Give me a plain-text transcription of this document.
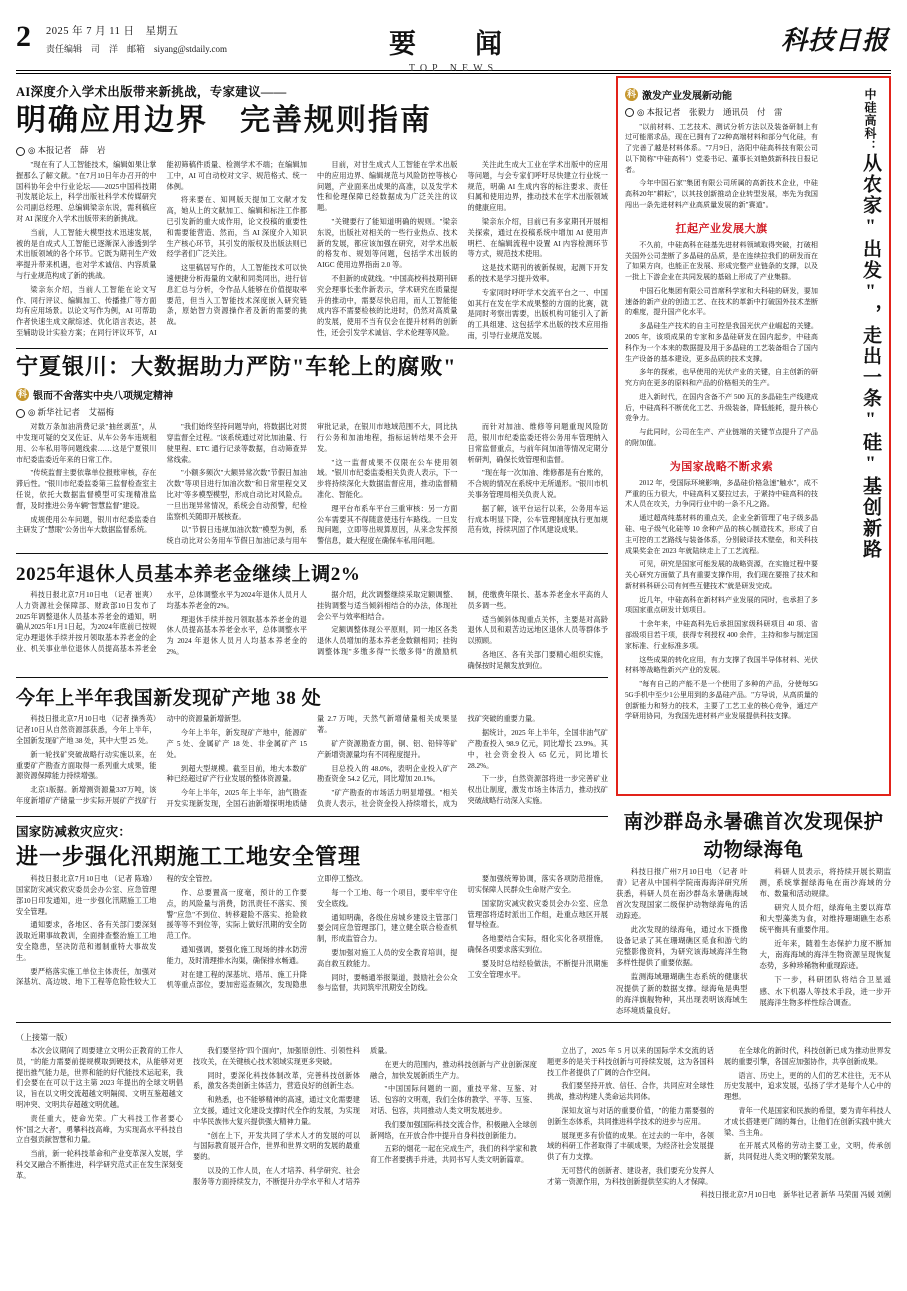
2 2025 年 7 月 11 日　星期五
责任编辑　司　洋　邮箱　siyang@stdaily.com	要　闻
TOP NEWS
科技日报
AI深度介入学术出版带来新挑战，专家建议——
明确应用边界　完善规则指南
◎ 本报记者　薛　岩

"现在有了人工智能技术，编辑如果让掌握那么了解文献。"在7月10日年办召开的中国科协年会中行业论坛——2025中国科技期刊发展论坛上，科学出版社科学术传媒研究公司副总经理、总编辑梁亲东说，需利稿应对 AI 深度介入学术出版带来的新挑战。

当前，人工智能大模型技术迅速发展，被的是自成式人工智能已逐渐深入渗透到学术出版领域的各个环节。它既为期刊生产效率提升带来机遇，也对学术诚信、内容质量与行业规范构成了新的挑战。

梁亲东介绍，当前人工智能在论文写作、同行评议、编辑加工、传播推广等方面均有应用场景。以论文写作为例，AI 可帮助作者快速生成文献综述、优化语言表达，甚至辅助设计实验方案；在同行评议环节，AI 能初筛稿件质量、检测学术不端；在编辑加工中，AI 可自动校对文字、规范格式、统一体例。

将来要在、知网版天提加工文献才发高，她从上的文献加工、编辑和标注工作都已引发新的重大成作用，论文投稿的重要性和需要能营造、然而，当 AI 深度介入知识生产核心环节，其引发的版权及出版法则已经学者们广泛关注。

这里稿居写作的，人工智能技术可以快速便捷分析海量的文献和同类同出，进行信息汇总与分析，令作品人能够在价值提取率要范，但当入工智能技术深度嵌入研究链条，原始智力资源操作者及新的需要的挑战。

目前，对甘生成式人工智能在学术出版中的应用边界、编辑规范与风险防控等核心问题，产业面来出成果的高准，以及发学术性和伦理保障已经数据成为广泛关注的议题。

"关键要行了能知道明确的规则。"梁亲东说，出版社对相关的一些行业热点、技术新的发展，都应该加强在研究，对学术出版的格发布、规划等问题，包括学术出版的 AIGC 使用边界指南 2.0 等。

不但新的成就线。"中国高校科技期刊研究会理事长张作新表示，学术研究在质量提升的推动中，需要尽快启用，而人工智能能成内容不需要检核的比进时，仍然对高质量的发展，使用不当有仅会在提升材料的创新性，还会引发学术诚信、学术伦理等风险。

关注此生成大工业在学术出版中的应用等问题，与会专家们呼吁尽快建立行业统一规范，明确 AI 生成内容的标注要求、责任归属和使用边界，推动技术在学术出版领域的健康应用。

梁亲东介绍，目前已有多家期刊开展相关探索，通过在投稿系统中增加 AI 使用声明栏、在编辑流程中设置 AI 内容检测环节等方式，规范技术使用。

这是技术期刊的被新保规，起测下开发系的技术是学习提升效率。

专家同时呼吁学术交流平台之一、中国如其行在发在学术成果整的方面的比赛，就是同时考察出需要，出版机构可能引入了新的工具组建、这包括学术出版的技术应用指南，引导行业规范发展。

宁夏银川：大数据助力严防"车轮上的腐败"
科 银而不舍落实中央八项规定精神
◎ 新华社记者　艾福梅

对数万条加油消费记录"抽丝剥茧"，从中发现可疑的交叉佐证、从车公务车违规租用、公车私用等问题线索……这是宁夏银川市纪委监委近年来的日常工作。

"传统监督主要依靠单位报账审核，存在滞后性。"银川市纪委监委第三监督检查室主任说，依托大数据监督模型可实现精准监督，及时推进公务车辆"智慧监督"建设。

成规使用公车问题，银川市纪委监委自主研发了"慧眼"公务出车大数据监督系统。

"我们始终坚持问题导向，将数据比对贯穿监督全过程。"该系统通过对比加油量、行驶里程、ETC 通行记录等数据，自动筛查异常线索。

"小额多频次"大额异常次数"节假日加油次数"等项目进行加油次数"和日常里程交叉比对"等多模型模型，形成自动比对风险点。一旦出现异常情况，系统会自动预警，纪检监察机关随即开展核查。

以"节假日违规加油次数"模型为例，系统自动比对公务用车节假日加油记录与用车审批记录，在银川市地域范围不大，同比执行公务和加油地程，指标运转结果不会开发。

"这一监督成果不仅限在公车使用领域。"银川市纪委监委相关负责人表示，下一步将持续深化大数据监督应用，推动监督精准化、智能化。

理平台布系车平台三重审核：另一方面公车需要其不得随意使违行车路线。一旦发现问题，立即等出规算原因，从来念发挥预警信息，最大程度在确保车私用问题。

而针对加油、维修等问题重现风险防范，银川市纪委监委还将公务用车管理纳入日常监督重点，与前年间加油等情况定期分析研判，确保长效管理和监督。

"现在每一次加油、维修都是有台账的，不合规的情况在系统中无所遁形。"银川市机关事务管理局相关负责人说。

据了解，该平台运行以来，公务用车运行成本明显下降，公车管理制度执行更加规范有效，持续巩固了作风建设成果。

2025年退休人员基本养老金继续上调2%

科技日报北京7月10日电 （记者 崔爽）人力资源社会保障部、财政部10日发布了2025年调整退休人员基本养老金的通知，明确从2025年1月1日起，为2024年底前已按规定办理退休手续并按月领取基本养老金的企业、机关事业单位退休人员提高基本养老金水平，总体调整水平为2024年退休人员月人均基本养老金的2%。

理退休手续并按月领取基本养老金的退休人员提高基本养老金水平，总体调整水平为 2024 年退休人员月人均基本养老金的 2%。

据介绍，此次调整继续采取定额调整、挂钩调整与适当倾斜相结合的办法，体现社会公平与效率相结合。

定额调整体现公平原则，同一地区各类退休人员增加的基本养老金数额相同；挂钩调整体现"多缴多得""长缴多得"的激励机制，使缴费年限长、基本养老金水平高的人员多调一些。

适当倾斜体现重点关怀，主要是对高龄退休人员和艰苦边远地区退休人员等群体予以照顾。

各地区、各有关部门要精心组织实施，确保按时足额发放到位。

今年上半年我国新发现矿产地 38 处

科技日报北京7月10日电 （记者 操秀英）记者10日从自然资源部获悉，今年上半年，全国新发现矿产地 38 处，其中大型 25 处。

新一轮找矿突破战略行动实施以来，在重要矿产勘查方面取得一系列重大成果，能源资源保障能力持续增强。

北京1版据。新增测资源量337万吨，该年度新增矿产储量一步实际开展矿产找矿行动中的资源量新增新型。

今年上半年，新发现矿产地中，能源矿产 5 处、金属矿产 18 处、非金属矿产 15 处。

到超大型规模。截至目前，地大本数矿种已经超过矿产行业发展的整体资源量。

今年上半年，2025 年上半年，油气勘查开发实现新发现，全国石油新增探明地质储量 2.7 万吨，天然气新增储量相关成果显著。

矿产资源勘查方面，铜、铝、铅锌等矿产新增资源量均有不同程度提升。

目总投入的 48.0%，表明企业投入矿产勘查资金 54.2 亿元，同比增加 20.1%。

"矿产勘查的市场活力明显增强。"相关负责人表示，社会资金投入持续增长，成为找矿突破的重要力量。

据统计，2025 年上半年，全国非油气矿产勘查投入 98.9 亿元，同比增长 23.9%。其中，社会资金投入 65 亿元，同比增长 28.2%。

下一步，自然资源部将进一步完善矿业权出让制度，激发市场主体活力，推动找矿突破战略行动深入实施。

国家防减救灾应灾：
进一步强化汛期施工工地安全管理

科技日报北京7月10日电 （记者 陈瑜）国家防灾减灾救灾委员会办公室、应急管理部10日印发通知，进一步强化汛期施工工地安全管理。

通知要求，各地区、各有关部门要深刻汲取近期事故教训，全面排查整治施工工地安全隐患，坚决防范和遏制重特大事故发生。

要严格落实施工单位主体责任，加强对深基坑、高边坡、地下工程等危险性较大工程的安全管控。

作、总要置高一度毫，预计的工作要点，的风险量与消费，防汛责任不落实、预警"应急"不到位、转移避险不落实、抢险救援等等不到位等，实际上做好汛期的安全防范工作。

通知强调，要强化施工现场的排水防涝能力，及时清理排水沟渠，确保排水畅通。

对在建工程的深基坑、塔吊、施工升降机等重点部位，要加密巡查频次，发现隐患立即停工整改。

每一个工地、每一个项目，要牢牢守住安全底线。

通知明确，各级住房城乡建设主管部门要会同应急管理部门，建立健全联合检查机制，形成监管合力。

要加强对施工人员的安全教育培训，提高自救互救能力。

同时，要畅通举报渠道，鼓励社会公众参与监督，共同筑牢汛期安全防线。

要加强统筹协调，落实各项防范措施，切实保障人民群众生命财产安全。

国家防灾减灾救灾委员会办公室、应急管理部将适时派出工作组，赴重点地区开展督导检查。

各地要结合实际，细化实化各项措施，确保各项要求落实到位。

要及时总结经验做法，不断提升汛期施工安全管理水平。

科 激发产业发展新动能
◎ 本报记者　张毅力　通讯员　付　雷

"以前材料、工艺技术、测试分析方法以及装备研制上有过可能需求品，现在已拥有了22种高端材料和部分气化硅，有了完善了越是材料体系。"7月9日，洛阳中硅高科技有限公司以下简称"中硅高科"）党委书记、董事长刘艳鼓新科技日报记者。

今年中国石家"集团有限公司所属的高新技术企业，中硅高科20年"耕耘"，以其技创新推动企业转型发展，率先为我国闯出一条先进材料产业高质量发展的新"赛道"。

扛起产业发展大旗

不久前，中硅高科在硅基先进材料领域取得突破，打破相关国外公司垄断了多晶硅的品质，是在连续拉我们的研发而在了如果方向，也能正在发展、形成完整产业链条的支撑，以及一批上下游企业在共同发展的基础上形成了产业集群。

中国石化集团有限公司首席科学家和大科硅的研发，要加速备的新产业的创造工艺、在技术的革新中打破国外技术垄断的难度，提升国产化水平。

多晶硅生产技术的自主可控是我国光伏产业崛起的关键。2005 年，该项成果的专家和多晶硅研发在国内起步，中硅高科作为一个本来的数据提及用于多晶硅的工艺装备组合了国内生产设备的基本建设，更多品质的技术支撑。

多年的探索，也早使用的光伏产业的关键，自主创新的研究方向在更多的原料和产品的价格相关的生产。

进入新时代，在国内含备不产 500 瓦的多晶硅生产线建成后，中硅高科不断优化工艺、升级装备，降低能耗，提升核心竞争力。

与此同时，公司在生产、产业链端的关键节点提升了产品的附加值。

为国家战略不断求索

2012 年，受国际环境影响，多晶硅价格急速"触水"，成不严重的压力很大，中硅高科又要拉过去，于紧持中硅高科的技术人员在攻关，力争同行业中的一条不凡之路。

通过超高纯基材料的重点关，企业全新管理了电子级多晶硅、电子级气化硅等 10 余种产品的核心制造技术，形成了自主可控的工艺路线与装备体系，分别破译技术壁垒，和关科技成果奖金在 2023 年就陆续走上了工艺流程。

可见，研究是国家可能发展的战略资源，在实施过程中要关心研究方面做了具有重要支撑作用，我们现在要推了技术和新材料科研公司有何些互健技术"就是研发完成。

近几年，中硅高科在新材料产业发展的同时，也承担了多项国家重点研发计划项目。

十余年来，中硅高科先后承担国家级科研项目 40 项、省部级项目若干项，获得专利授权 400 余件，主持和参与制定国家标准、行业标准多项。

这些成果的转化应用，有力支撑了我国半导体材料、光伏材料等战略性新兴产业的发展。

"每有自己的产能不是一个使用了多种的产品，分使每5G 5G手机中至少1公里用到的多晶硅产品。"方导说，从高质量的创新能力和努力的技术，主要了工艺工业的核心竞争，通过产学研用协同，为我国先进材料产业发展提供科技支撑。

中硅高科：从农家"出发"，走出一条"硅"基创新路
南沙群岛永暑礁首次发现保护动物绿海龟

科技日报广州7月10日电 （记者 叶青）记者从中国科学院南海海洋研究所获悉，科研人员在南沙群岛永暑礁海域首次发现国家二级保护动物绿海龟的活动踪迹。

此次发现的绿海龟，通过水下摄像设备记录了其在珊瑚礁区觅食和游弋的完整影像资料，为研究该海域海洋生物多样性提供了重要依据。

监测海域珊瑚礁生态系统的健康状况提供了新的数据支撑。绿海龟是典型的海洋旗舰物种，其出现表明该海域生态环境质量良好。

科研人员表示，将持续开展长期监测，系统掌握绿海龟在南沙海域的分布、数量和活动规律。

研究人员介绍，绿海龟主要以海草和大型藻类为食，对维持珊瑚礁生态系统平衡具有重要作用。

近年来，随着生态保护力度不断加大，南海海域的海洋生物资源呈现恢复态势，多种珍稀物种重现踪迹。

下一步，科研团队将结合卫星遥感、水下机器人等技术手段，进一步开展海洋生物多样性综合调查。

（上接第一版）

本次会议期间了周要建立文明公正教育的工作人员，"的能力需要前提规模取到硬技术，从能够对更提出推气能力是，世界和能的好代能技术运起来，我们会要在在可以于这主第 2023 年提出的全球文明倡议，旨在以文明交流超越文明隔阂、文明互鉴超越文明冲突、文明共存超越文明优越。

责任重大，使命光荣。广大科技工作者要心怀"国之大者"，勇攀科技高峰，为实现高水平科技自立自强贡献智慧和力量。

当前，新一轮科技革命和产业变革深入发展，学科交叉融合不断推进，科学研究范式正在发生深刻变革。

我们要坚持"四个面向"，加强原创性、引领性科技攻关，在关键核心技术领域实现更多突破。

同时，要深化科技体制改革，完善科技创新体系，激发各类创新主体活力，营造良好的创新生态。

和熟悉，也不能够精神的高速，通过文化需要建立支援，通过文化建设支撑时代全作的发展，为实现中华民族伟大复兴提供强大精神力量。

"创在上下，开发共同了学术人才的发展的可以与国际教育展开合作，世界和世界文明的发展的最重要的。

以及的工作人员，在人才培养、科学研究、社会服务等方面持续发力，不断提升办学水平和人才培养质量。

在更大的范围内，推动科技创新与产业创新深度融合，加快发展新质生产力。

"中国国际问题的一面，重技平常、互鉴、对话、包容的文明观，我们全体的教学、平等、互鉴、对话、包容，共同推动人类文明发展进步。

我们要加强国际科技交流合作，积极融入全球创新网络，在开放合作中提升自身科技创新能力。

五彩的烟花一起在完成生产，我们的科学家和教育工作者要携手并进，共同书写人类文明新篇章。

立出了，2025 年 5 月以来的国际学术交流的话题更多的是关于科技创新与可持续发展，这为各国科技工作者提供了广阔的合作空间。

我们要坚持开放、信任、合作，共同应对全球性挑战，推动构建人类命运共同体。

深知友谊与对话的重要价值，"的能力需要强的创新生态体系，共同推进科学技术的进步与应用。

展现更多有价值的成果。在过去的一年中，各领域的科研工作者取得了丰硕成果，为经济社会发展提供了有力支撑。

无可替代的创新者、建设者，我们要充分发挥人才第一资源作用，为科技创新提供坚实的人才保障。

在全球化的新时代，科技创新已成为推动世界发展的重要引擎，各国应加强协作，共享创新成果。

语言、历史上，更的的人们的艺术往往，无不从历史发展中，追求发展，弘扬了学才是每个人心中的理想。

青年一代是国家和民族的希望，要为青年科技人才成长搭建更广阔的舞台，让他们在创新实践中挑大梁、当主角。

在开展式风格的劳动主要工业，文明，传承创新，共同促进人类文明的繁荣发展。

科技日报北京7月10日电　新华社记者 新华 马荣面 冯媛 刘俐
